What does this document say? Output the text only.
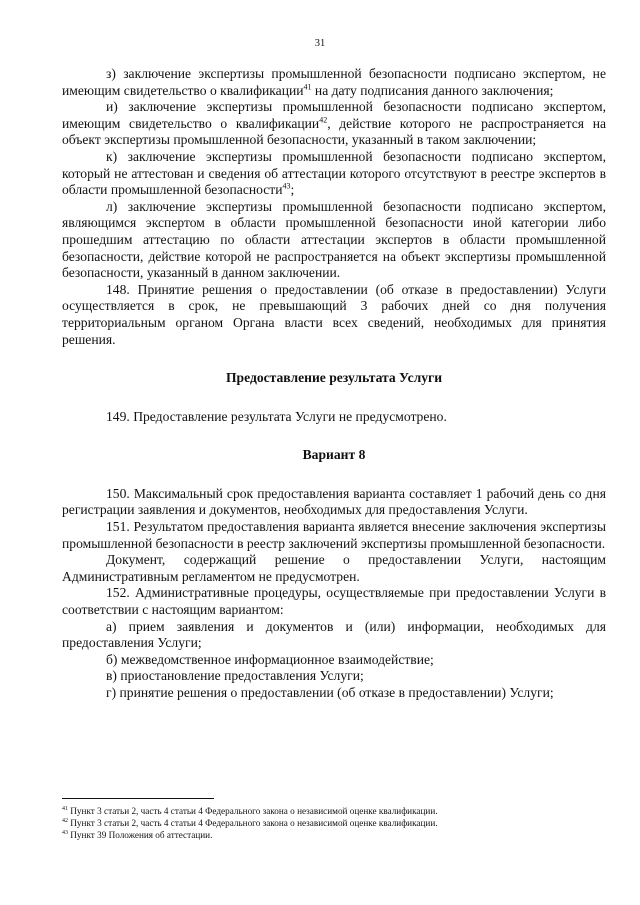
31

з) заключение экспертизы промышленной безопасности подписано экспертом, не имеющим свидетельство о квалификации$^{41}$ на дату подписания данного заключения;

и) заключение экспертизы промышленной безопасности подписано экспертом, имеющим свидетельство о квалификации$^{42}$, действие которого не распространяется на объект экспертизы промышленной безопасности, указанный в таком заключении;

к) заключение экспертизы промышленной безопасности подписано экспертом, который не аттестован и сведения об аттестации которого отсутствуют в реестре экспертов в области промышленной безопасности$^{43}$;

л) заключение экспертизы промышленной безопасности подписано экспертом, являющимся экспертом в области промышленной безопасности иной категории либо прошедшим аттестацию по области аттестации экспертов в области промышленной безопасности, действие которой не распространяется на объект экспертизы промышленной безопасности, указанный в данном заключении.

148. Принятие решения о предоставлении (об отказе в предоставлении) Услуги осуществляется в срок, не превышающий 3 рабочих дней со дня получения территориальным органом Органа власти всех сведений, необходимых для принятия решения.

Предоставление результата Услуги

149. Предоставление результата Услуги не предусмотрено.

Вариант 8

150. Максимальный срок предоставления варианта составляет 1 рабочий день со дня регистрации заявления и документов, необходимых для предоставления Услуги.

151. Результатом предоставления варианта является внесение заключения экспертизы промышленной безопасности в реестр заключений экспертизы промышленной безопасности.

Документ, содержащий решение о предоставлении Услуги, настоящим Административным регламентом не предусмотрен.

152. Административные процедуры, осуществляемые при предоставлении Услуги в соответствии с настоящим вариантом:

а) прием заявления и документов и (или) информации, необходимых для предоставления Услуги;

б) межведомственное информационное взаимодействие;

в) приостановление предоставления Услуги;

г) принятие решения о предоставлении (об отказе в предоставлении) Услуги;

$^{41}$ Пункт 3 статьи 2, часть 4 статьи 4 Федерального закона о независимой оценке квалификации.

$^{42}$ Пункт 3 статьи 2, часть 4 статьи 4 Федерального закона о независимой оценке квалификации.

$^{43}$ Пункт 39 Положения об аттестации.
